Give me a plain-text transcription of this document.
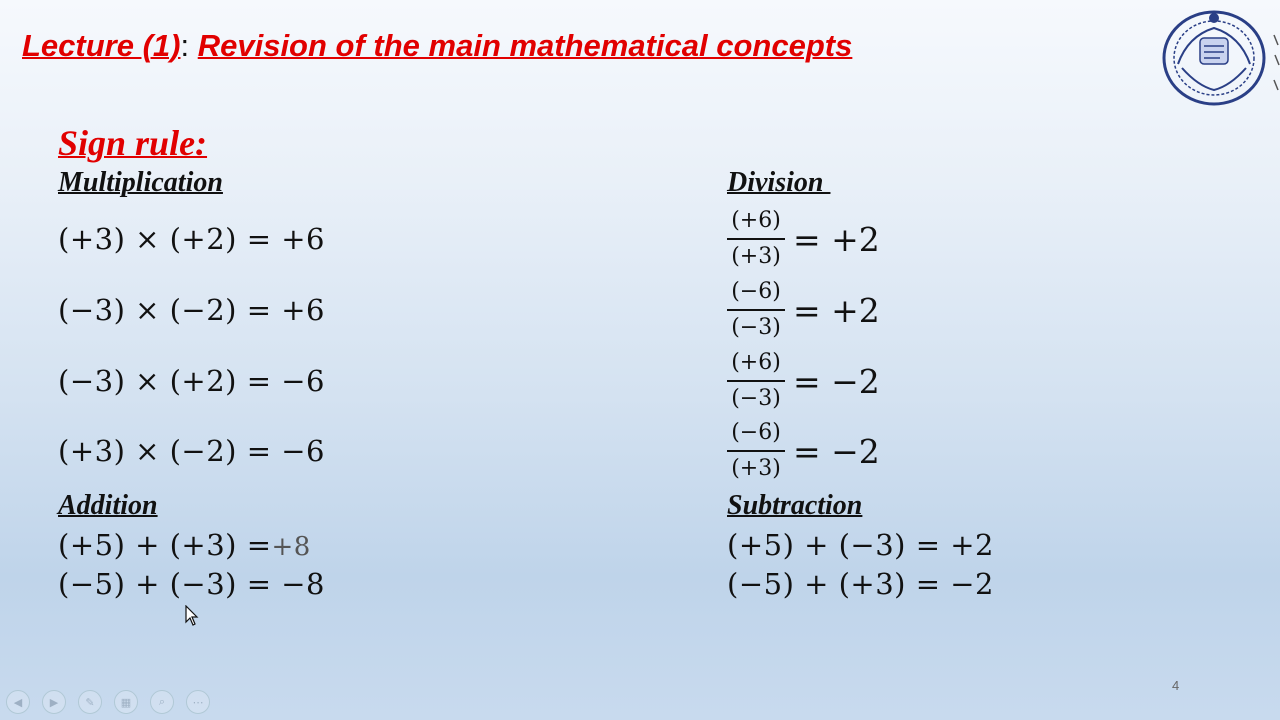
Lecture (1): Revision of the main mathematical concepts
Sign rule:
Multiplication
(+3) × (+2) = +6
(−3) × (−2) = +6
(−3) × (+2) = −6
(+3) × (−2) = −6
Division
$\frac{(+6)}{(+3)} = +2$
$\frac{(-6)}{(-3)} = +2$
$\frac{(+6)}{(-3)} = -2$
$\frac{(-6)}{(+3)} = -2$
Addition
(+5) + (+3) =+8
(−5) + (−3) = −8
Subtraction
(+5) + (−3) = +2
(−5) + (+3) = −2
◀	▶	✎	▦	⌕	⋯
4
